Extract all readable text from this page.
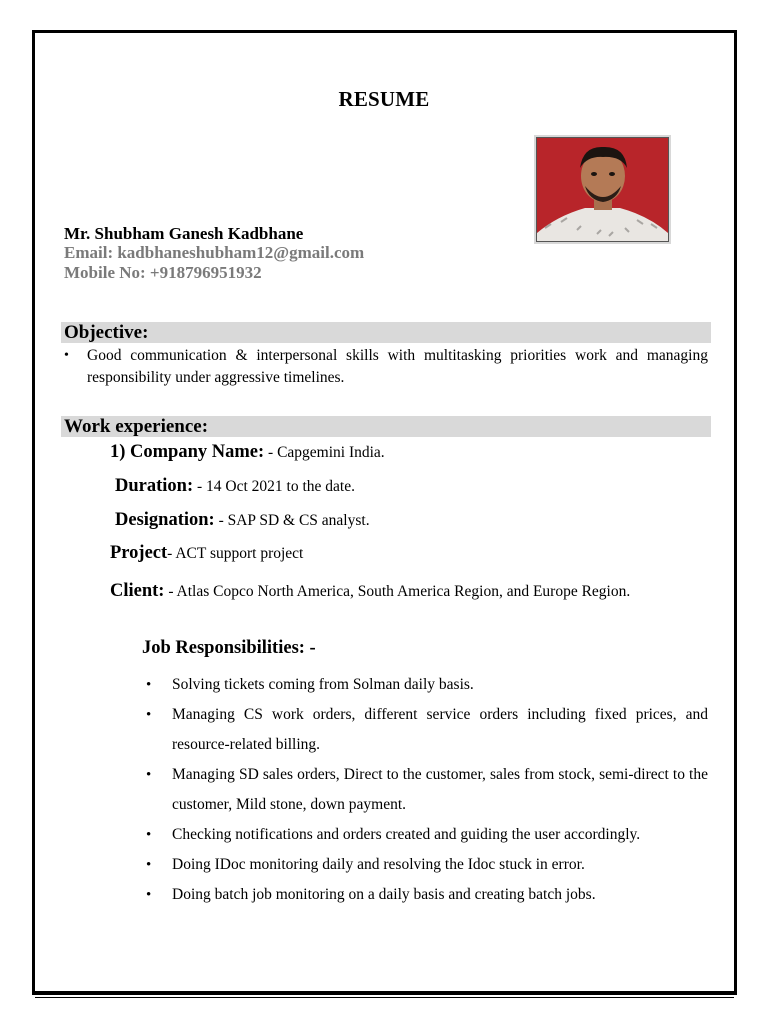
RESUME
Mr. Shubham Ganesh Kadbhane
Email: kadbhaneshubham12@gmail.com
Mobile No: +918796951932
Objective:
• Good communication & interpersonal skills with multitasking priorities work and managing responsibility under aggressive timelines.
Work experience:
1) Company Name: - Capgemini India.
Duration: - 14 Oct 2021 to the date.
Designation: - SAP SD & CS analyst.
Project- ACT support project
Client: - Atlas Copco North America, South America Region, and Europe Region.
Job Responsibilities: -
• Solving tickets coming from Solman daily basis.
• Managing CS work orders, different service orders including fixed prices, and resource-related billing.
• Managing SD sales orders, Direct to the customer, sales from stock, semi-direct to the customer, Mild stone, down payment.
• Checking notifications and orders created and guiding the user accordingly.
• Doing IDoc monitoring daily and resolving the Idoc stuck in error.
• Doing batch job monitoring on a daily basis and creating batch jobs.
